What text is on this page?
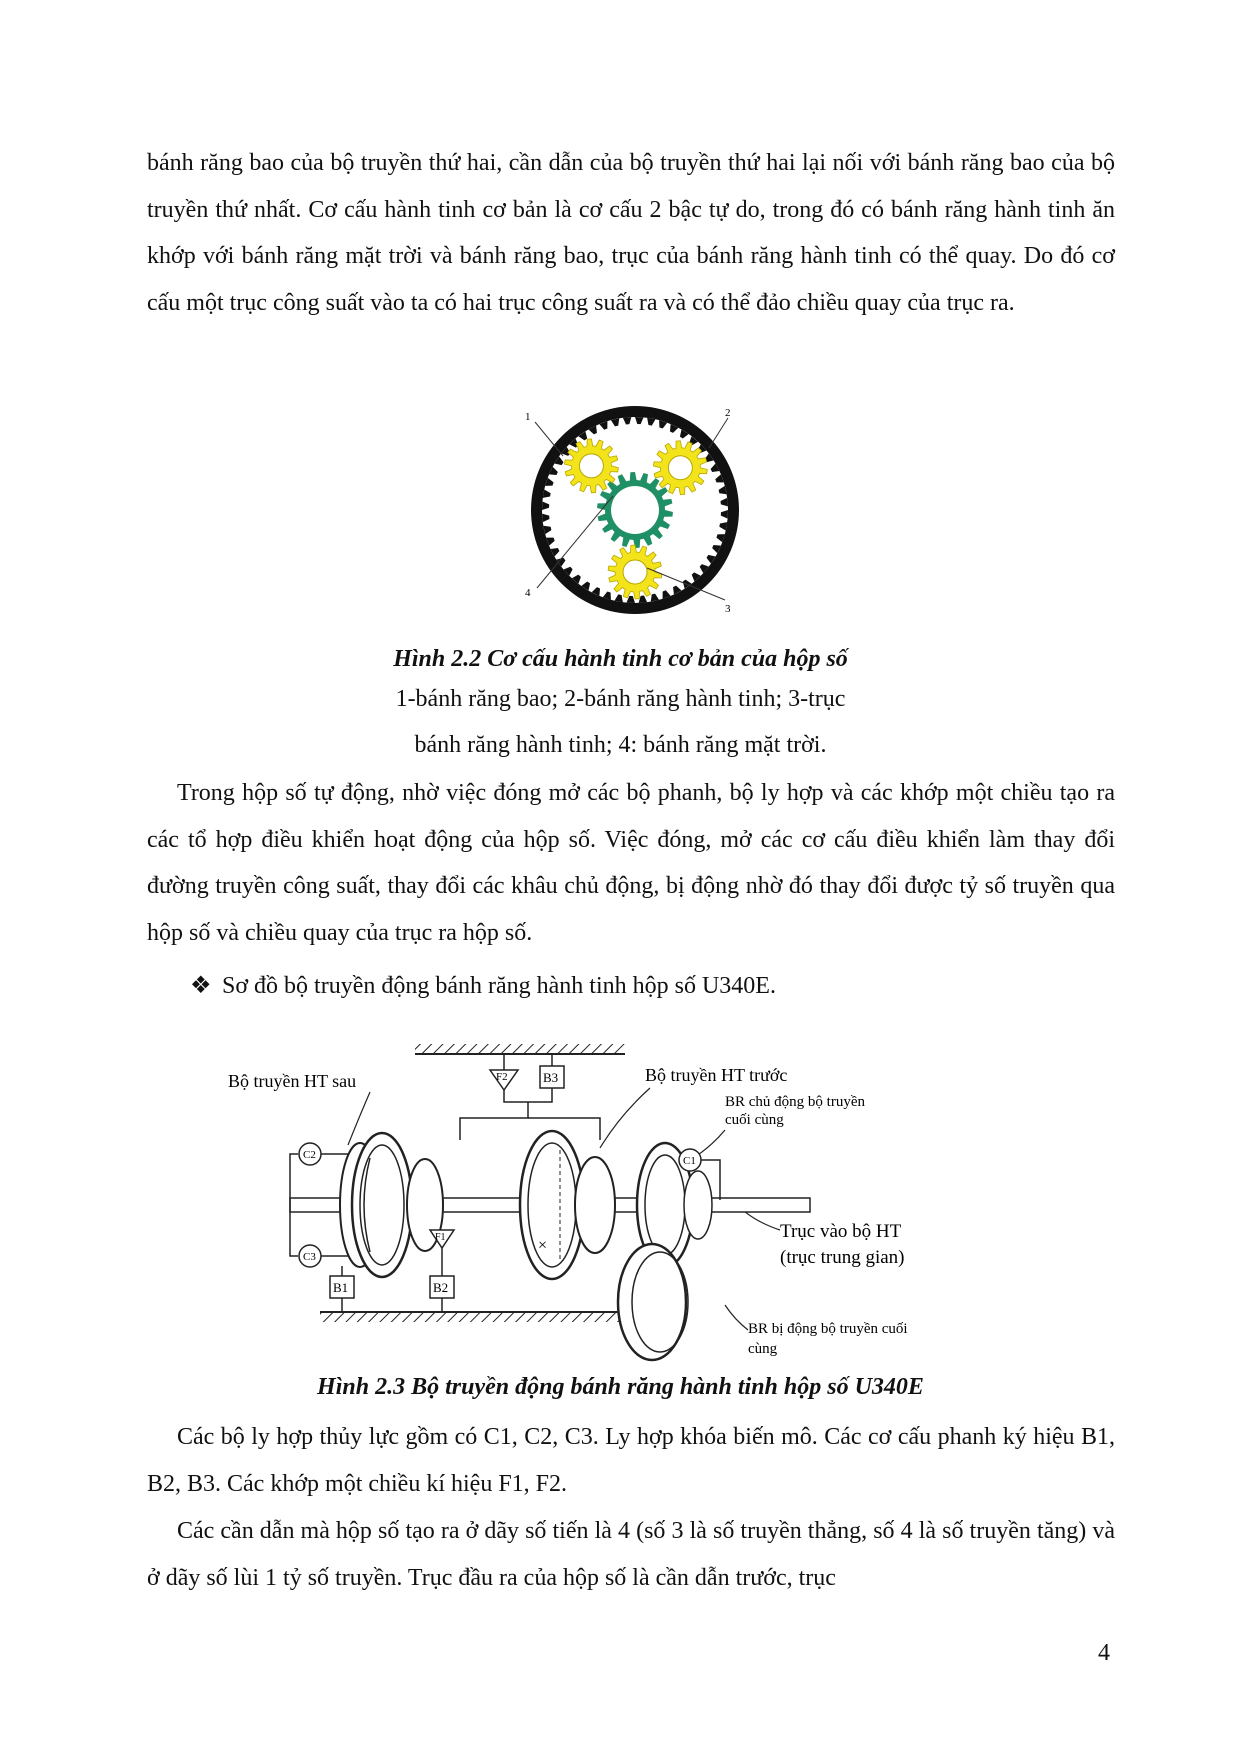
bánh răng bao của bộ truyền thứ hai, cần dẫn của bộ truyền thứ hai lại nối với bánh răng bao của bộ truyền thứ nhất. Cơ cấu hành tinh cơ bản là cơ cấu 2 bậc tự do, trong đó có bánh răng hành tinh ăn khớp với bánh răng mặt trời và bánh răng bao, trục của bánh răng hành tinh có thể quay. Do đó cơ cấu một trục công suất vào ta có hai trục công suất ra và có thể đảo chiều quay của trục ra.

1	2
3
4

Hình 2.2 Cơ cấu hành tinh cơ bản của hộp số

1-bánh răng bao; 2-bánh răng hành tinh; 3-trục

bánh răng hành tinh; 4: bánh răng mặt trời.

Trong hộp số tự động, nhờ việc đóng mở các bộ phanh, bộ ly hợp và các khớp một chiều tạo ra các tổ hợp điều khiển hoạt động của hộp số. Việc đóng, mở các cơ cấu điều khiển làm thay đổi đường truyền công suất, thay đổi các khâu chủ động, bị động nhờ đó thay đổi được tỷ số truyền qua hộp số và chiều quay của trục ra hộp số.

❖ Sơ đồ bộ truyền động bánh răng hành tinh hộp số U340E.

Bộ truyền HT sau	Bộ truyền HT trước
BR chủ động bộ truyền
cuối cùng
Trục vào bộ HT
(trục trung gian)
BR bị động bộ truyền cuối
cùng
F2	B3
×
C1
C2
C3
B1
F1
B2

Hình 2.3 Bộ truyền động bánh răng hành tinh hộp số U340E

Các bộ ly hợp thủy lực gồm có C1, C2, C3. Ly hợp khóa biến mô. Các cơ cấu phanh ký hiệu B1, B2, B3. Các khớp một chiều kí hiệu F1, F2.

Các cần dẫn mà hộp số tạo ra ở dãy số tiến là 4 (số 3 là số truyền thẳng, số 4 là số truyền tăng) và ở dãy số lùi 1 tỷ số truyền. Trục đầu ra của hộp số là cần dẫn trước, trục

4
